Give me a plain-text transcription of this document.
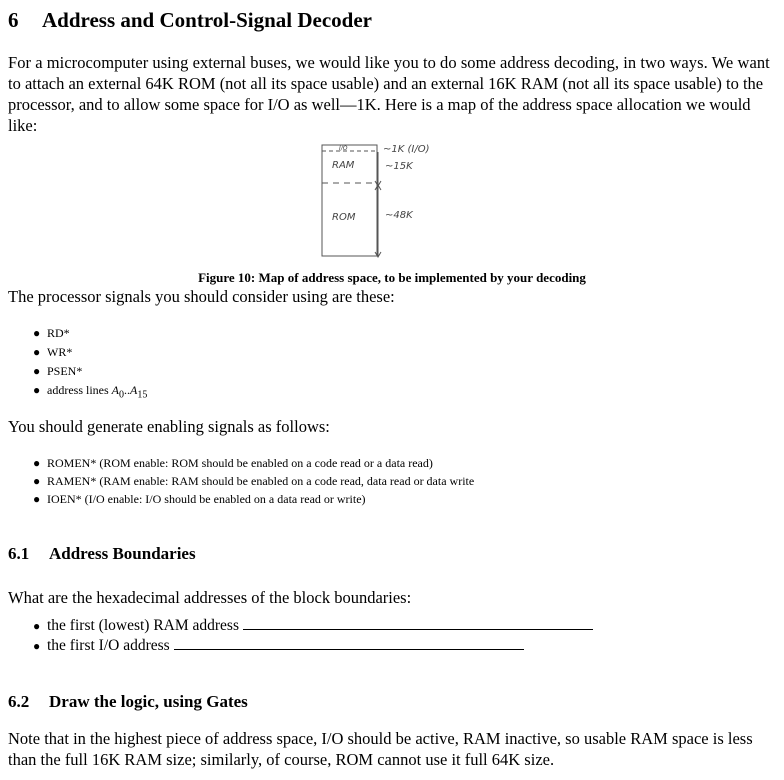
6 Address and Control-Signal Decoder
For a microcomputer using external buses, we would like you to do some address decoding, in two ways. We want
to attach an external 64K ROM (not all its space usable) and an external 16K RAM (not all its space usable) to the
processor, and to allow some space for I/O as well—1K. Here is a map of the address space allocation we would
like:
I/O
RAM
ROM
~1K (I/O)
~15K
~48K
Figure 10: Map of address space, to be implemented by your decoding
The processor signals you should consider using are these:
● RD*
● WR*
● PSEN*
● address lines $A_0..A_{15}$
You should generate enabling signals as follows:
● ROMEN* (ROM enable: ROM should be enabled on a code read or a data read)
● RAMEN* (RAM enable: RAM should be enabled on a code read, data read or data write
● IOEN* (I/O enable: I/O should be enabled on a data read or write)
6.1 Address Boundaries
What are the hexadecimal addresses of the block boundaries:
● the first (lowest) RAM address
● the first I/O address
6.2 Draw the logic, using Gates
Note that in the highest piece of address space, I/O should be active, RAM inactive, so usable RAM space is less
than the full 16K RAM size; similarly, of course, ROM cannot use it full 64K size.
